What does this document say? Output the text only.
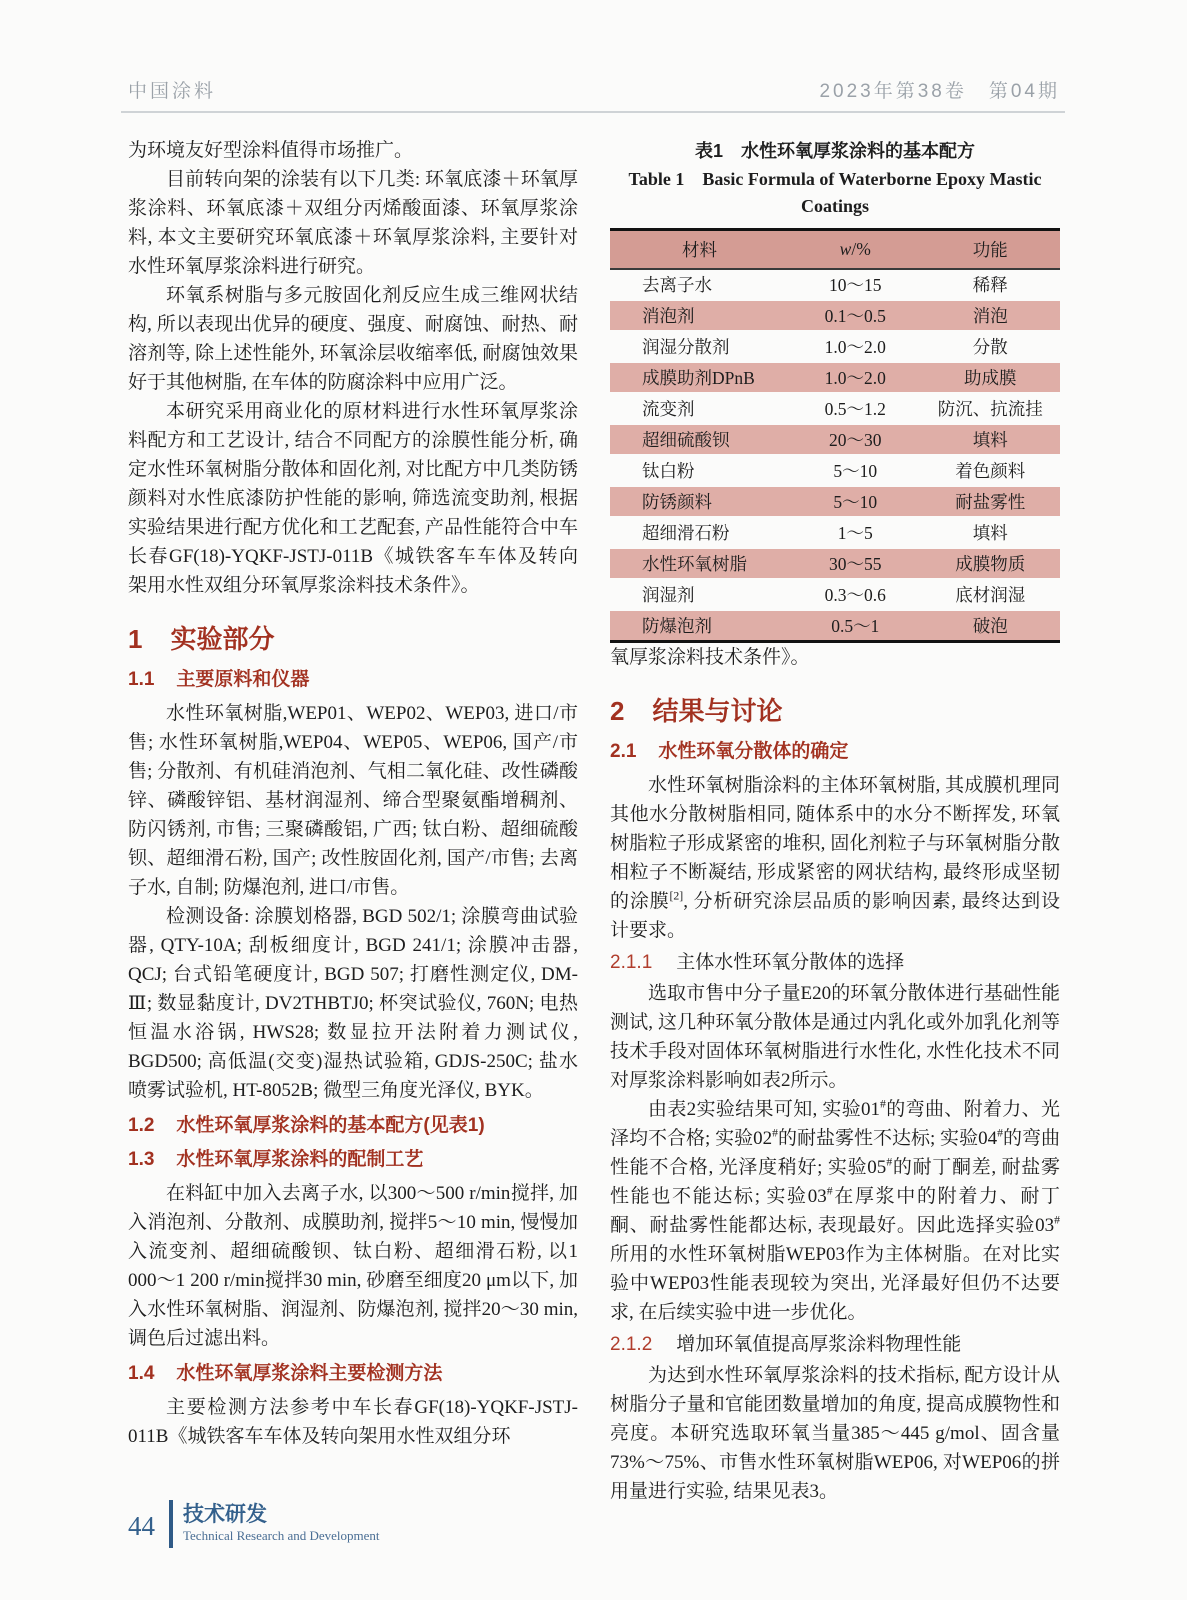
中国涂料	2023年第38卷　第04期

为环境友好型涂料值得市场推广。

目前转向架的涂装有以下几类: 环氧底漆＋环氧厚浆涂料、环氧底漆＋双组分丙烯酸面漆、环氧厚浆涂料, 本文主要研究环氧底漆＋环氧厚浆涂料, 主要针对水性环氧厚浆涂料进行研究。

环氧系树脂与多元胺固化剂反应生成三维网状结构, 所以表现出优异的硬度、强度、耐腐蚀、耐热、耐溶剂等, 除上述性能外, 环氧涂层收缩率低, 耐腐蚀效果好于其他树脂, 在车体的防腐涂料中应用广泛。

本研究采用商业化的原材料进行水性环氧厚浆涂料配方和工艺设计, 结合不同配方的涂膜性能分析, 确定水性环氧树脂分散体和固化剂, 对比配方中几类防锈颜料对水性底漆防护性能的影响, 筛选流变助剂, 根据实验结果进行配方优化和工艺配套, 产品性能符合中车长春GF(18)-YQKF-JSTJ-011B《城铁客车车体及转向架用水性双组分环氧厚浆涂料技术条件》。

1 实验部分
1.1 主要原料和仪器

水性环氧树脂,WEP01、WEP02、WEP03, 进口/市售; 水性环氧树脂,WEP04、WEP05、WEP06, 国产/市售; 分散剂、有机硅消泡剂、气相二氧化硅、改性磷酸锌、磷酸锌铝、基材润湿剂、缔合型聚氨酯增稠剂、防闪锈剂, 市售; 三聚磷酸铝, 广西; 钛白粉、超细硫酸钡、超细滑石粉, 国产; 改性胺固化剂, 国产/市售; 去离子水, 自制; 防爆泡剂, 进口/市售。

检测设备: 涂膜划格器, BGD 502/1; 涂膜弯曲试验器, QTY-10A; 刮板细度计, BGD 241/1; 涂膜冲击器, QCJ; 台式铅笔硬度计, BGD 507; 打磨性测定仪, DM-Ⅲ; 数显黏度计, DV2THBTJ0; 杯突试验仪, 760N; 电热恒温水浴锅, HWS28; 数显拉开法附着力测试仪, BGD500; 高低温(交变)湿热试验箱, GDJS-250C; 盐水喷雾试验机, HT-8052B; 微型三角度光泽仪, BYK。

1.2 水性环氧厚浆涂料的基本配方(见表1)
1.3 水性环氧厚浆涂料的配制工艺

在料缸中加入去离子水, 以300～500 r/min搅拌, 加入消泡剂、分散剂、成膜助剂, 搅拌5～10 min, 慢慢加入流变剂、超细硫酸钡、钛白粉、超细滑石粉, 以1 000～1 200 r/min搅拌30 min, 砂磨至细度20 μm以下, 加入水性环氧树脂、润湿剂、防爆泡剂, 搅拌20～30 min, 调色后过滤出料。

1.4 水性环氧厚浆涂料主要检测方法

主要检测方法参考中车长春GF(18)-YQKF-JSTJ-011B《城铁客车车体及转向架用水性双组分环

表1　水性环氧厚浆涂料的基本配方
Table 1　Basic Formula of Waterborne Epoxy Mastic
Coatings
材料	w/%	功能
去离子水	10～15	稀释
消泡剂	0.1～0.5	消泡
润湿分散剂	1.0～2.0	分散
成膜助剂DPnB	1.0～2.0	助成膜
流变剂	0.5～1.2	防沉、抗流挂
超细硫酸钡	20～30	填料
钛白粉	5～10	着色颜料
防锈颜料	5～10	耐盐雾性
超细滑石粉	1～5	填料
水性环氧树脂	30～55	成膜物质
润湿剂	0.3～0.6	底材润湿
防爆泡剂	0.5～1	破泡

氧厚浆涂料技术条件》。

2 结果与讨论
2.1 水性环氧分散体的确定

水性环氧树脂涂料的主体环氧树脂, 其成膜机理同其他水分散树脂相同, 随体系中的水分不断挥发, 环氧树脂粒子形成紧密的堆积, 固化剂粒子与环氧树脂分散相粒子不断凝结, 形成紧密的网状结构, 最终形成坚韧的涂膜[2], 分析研究涂层品质的影响因素, 最终达到设计要求。

2.1.1 主体水性环氧分散体的选择

选取市售中分子量E20的环氧分散体进行基础性能测试, 这几种环氧分散体是通过内乳化或外加乳化剂等技术手段对固体环氧树脂进行水性化, 水性化技术不同对厚浆涂料影响如表2所示。

由表2实验结果可知, 实验01#的弯曲、附着力、光泽均不合格; 实验02#的耐盐雾性不达标; 实验04#的弯曲性能不合格, 光泽度稍好; 实验05#的耐丁酮差, 耐盐雾性能也不能达标; 实验03#在厚浆中的附着力、耐丁酮、耐盐雾性能都达标, 表现最好。因此选择实验03#所用的水性环氧树脂WEP03作为主体树脂。在对比实验中WEP03性能表现较为突出, 光泽最好但仍不达要求, 在后续实验中进一步优化。

2.1.2 增加环氧值提高厚浆涂料物理性能

为达到水性环氧厚浆涂料的技术指标, 配方设计从树脂分子量和官能团数量增加的角度, 提高成膜物性和亮度。本研究选取环氧当量385～445 g/mol、固含量73%～75%、市售水性环氧树脂WEP06, 对WEP06的拼用量进行实验, 结果见表3。

44 技术研发
Technical Research and Development
